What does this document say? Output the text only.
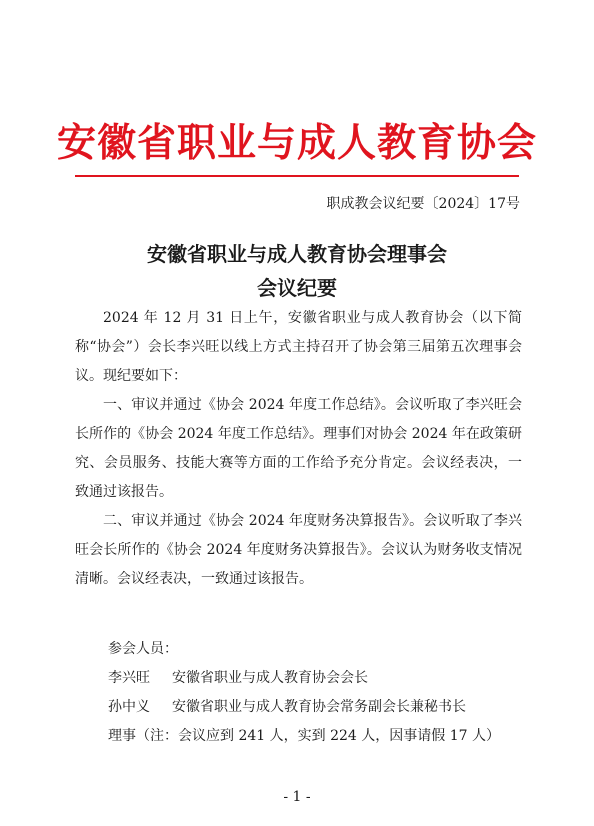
安徽省职业与成人教育协会
职成教会议纪要〔2024〕17号
安徽省职业与成人教育协会理事会
会议纪要

2024 年 12 月 31 日上午，安徽省职业与成人教育协会（以下简称“协会”）会长李兴旺以线上方式主持召开了协会第三届第五次理事会议。现纪要如下：

一、审议并通过《协会 2024 年度工作总结》。会议听取了李兴旺会长所作的《协会 2024 年度工作总结》。理事们对协会 2024 年在政策研究、会员服务、技能大赛等方面的工作给予充分肯定。会议经表决，一致通过该报告。

二、审议并通过《协会 2024 年度财务决算报告》。会议听取了李兴旺会长所作的《协会 2024 年度财务决算报告》。会议认为财务收支情况清晰。会议经表决，一致通过该报告。

参会人员：
李兴旺 安徽省职业与成人教育协会会长
孙中义 安徽省职业与成人教育协会常务副会长兼秘书长
理事（注：会议应到 241 人，实到 224 人，因事请假 17 人）
- 1 -
